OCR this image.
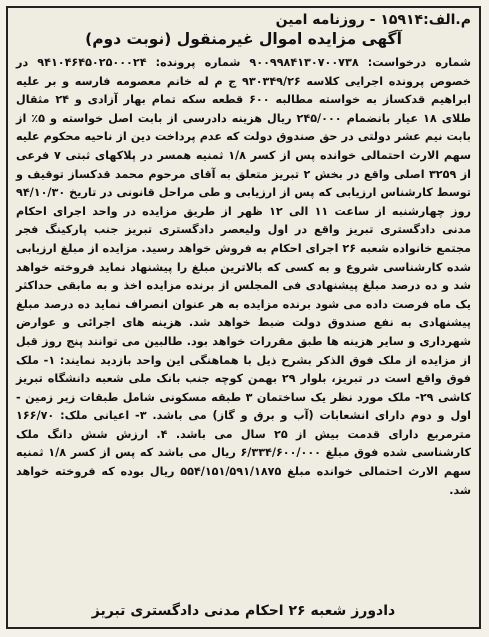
م.الف:۱۵۹۱۴ - روزنامه امین
آگهی مزایده اموال غیرمنقول (نوبت دوم)

شماره درخواست: ۹۰۰۹۹۸۴۱۳۰۷۰۰۷۳۸ شماره پرونده: ۹۴۱۰۴۶۴۵۰۲۵۰۰۰۲۴ در خصوص پرونده اجرایی کلاسه ۹۳۰۳۴۹/۲۶ ج م له خانم معصومه فارسه و بر علیه ابراهیم قدکساز به خواسته مطالبه ۶۰۰ قطعه سکه تمام بهار آزادی و ۲۴ مثقال طلای ۱۸ عیار بانضمام ۲۴۵/۰۰۰ ریال هزینه دادرسی از بابت اصل خواسته و ۵٪ از بابت نیم عشر دولتی در حق صندوق دولت که عدم پرداخت دین از ناحیه محکوم علیه سهم الارث احتمالی خوانده پس از کسر ۱/۸ ثمنیه همسر در پلاکهای ثبتی ۷ فرعی از ۳۲۵۹ اصلی واقع در بخش ۲ تبریز متعلق به آقای مرحوم محمد قدکساز توقیف و توسط کارشناس ارزیابی که پس از ارزیابی و طی مراحل قانونی در تاریخ ۹۴/۱۰/۳۰ روز چهارشنبه از ساعت ۱۱ الی ۱۲ ظهر از طریق مزایده در واحد اجرای احکام مدنی دادگستری تبریز واقع در اول ولیعصر دادگستری تبریز جنب پارکینگ فجر مجتمع خانواده شعبه ۲۶ اجرای احکام به فروش خواهد رسید. مزایده از مبلغ ارزیابی شده کارشناسی شروع و به کسی که بالاترین مبلغ را پیشنهاد نماید فروخته خواهد شد و ده درصد مبلغ پیشنهادی فی المجلس از برنده مزایده اخذ و به مابقی حداکثر یک ماه فرصت داده می شود برنده مزایده به هر عنوان انصراف نماید ده درصد مبلغ پیشنهادی به نفع صندوق دولت ضبط خواهد شد. هزینه های اجرائی و عوارض شهرداری و سایر هزینه ها طبق مقررات خواهد بود. طالبین می توانند پنج روز قبل از مزایده از ملک فوق الذکر بشرح ذیل با هماهنگی این واحد بازدید نمایند: ۱- ملک فوق واقع است در تبریز، بلوار ۲۹ بهمن کوچه جنب بانک ملی شعبه دانشگاه تبریز کاشی ۲۹- ملک مورد نظر یک ساختمان ۳ طبقه مسکونی شامل طبقات زیر زمین - اول و دوم دارای انشعابات (آب و برق و گاز) می باشد. ۳- اعیانی ملک: ۱۶۶/۷۰ مترمربع دارای قدمت بیش از ۲۵ سال می باشد. ۴. ارزش شش دانگ ملک کارشناسی شده فوق مبلغ ۶/۳۳۴/۶۰۰/۰۰۰ ریال می باشد که پس از کسر ۱/۸ ثمنیه سهم الارث احتمالی خوانده مبلغ ۵۵۴/۱۵۱/۵۹۱/۱۸۷۵ ریال بوده که فروخته خواهد شد.

دادورز شعبه ۲۶ احکام مدنی دادگستری تبریز
